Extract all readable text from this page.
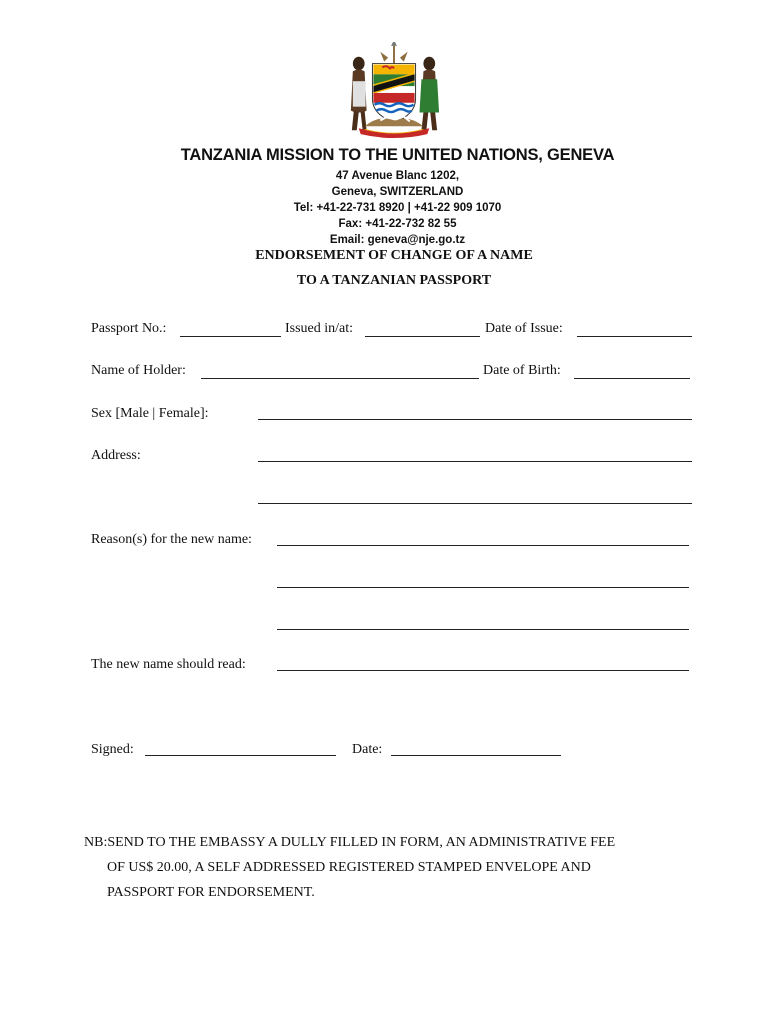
TANZANIA MISSION TO THE UNITED NATIONS, GENEVA
47 Avenue Blanc 1202,
Geneva, SWITZERLAND
Tel: +41-22-731 8920 | +41-22 909 1070
Fax: +41-22-732 82 55
Email: geneva@nje.go.tz
ENDORSEMENT OF CHANGE OF A NAME
TO A TANZANIAN PASSPORT
Passport No.:	Issued in/at:	Date of Issue:
Name of Holder:	Date of Birth:
Sex [Male | Female]:
Address:
Reason(s) for the new name:
The new name should read:
Signed:	Date:
NB:SEND TO THE EMBASSY A DULLY FILLED IN FORM, AN ADMINISTRATIVE FEE
OF US$ 20.00, A SELF ADDRESSED REGISTERED STAMPED ENVELOPE AND
PASSPORT FOR ENDORSEMENT.
